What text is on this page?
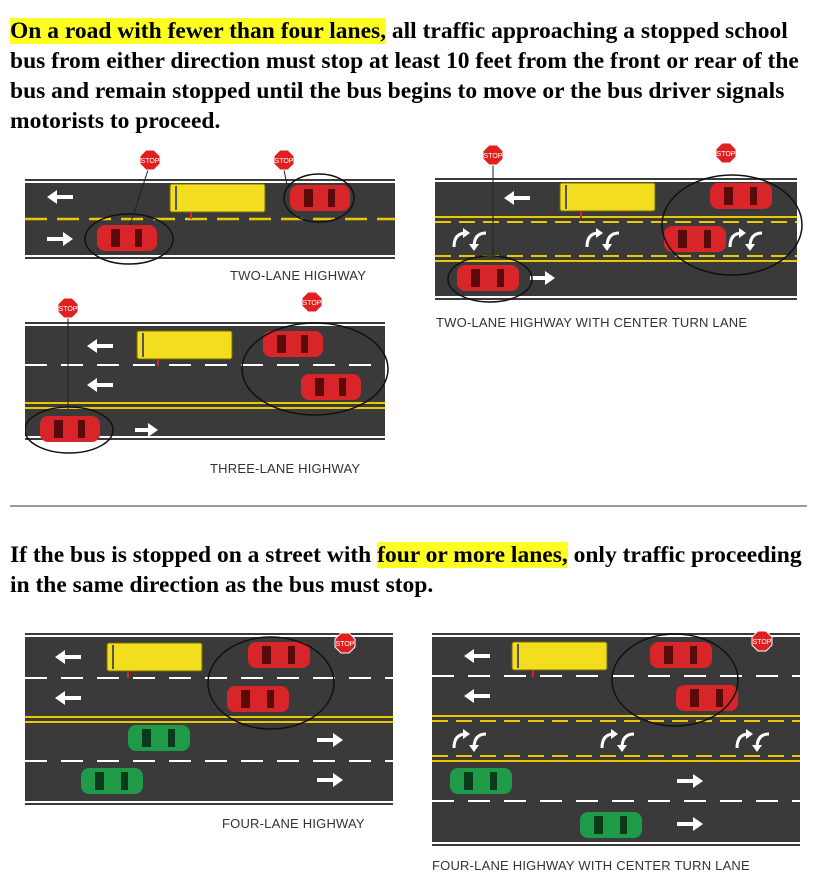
On a road with fewer than four lanes, all traffic approaching a stopped school bus from either direction must stop at least 10 feet from the front or rear of the bus and remain stopped until the bus begins to move or the bus driver signals motorists to proceed.

STOP	STOP
TWO-LANE HIGHWAY
STOP
STOP
THREE-LANE HIGHWAY
STOP	STOP
TWO-LANE HIGHWAY WITH CENTER TURN LANE

If the bus is stopped on a street with four or more lanes, only traffic proceeding in the same direction as the bus must stop.

STOP
FOUR-LANE HIGHWAY
STOP
FOUR-LANE HIGHWAY WITH CENTER TURN LANE
